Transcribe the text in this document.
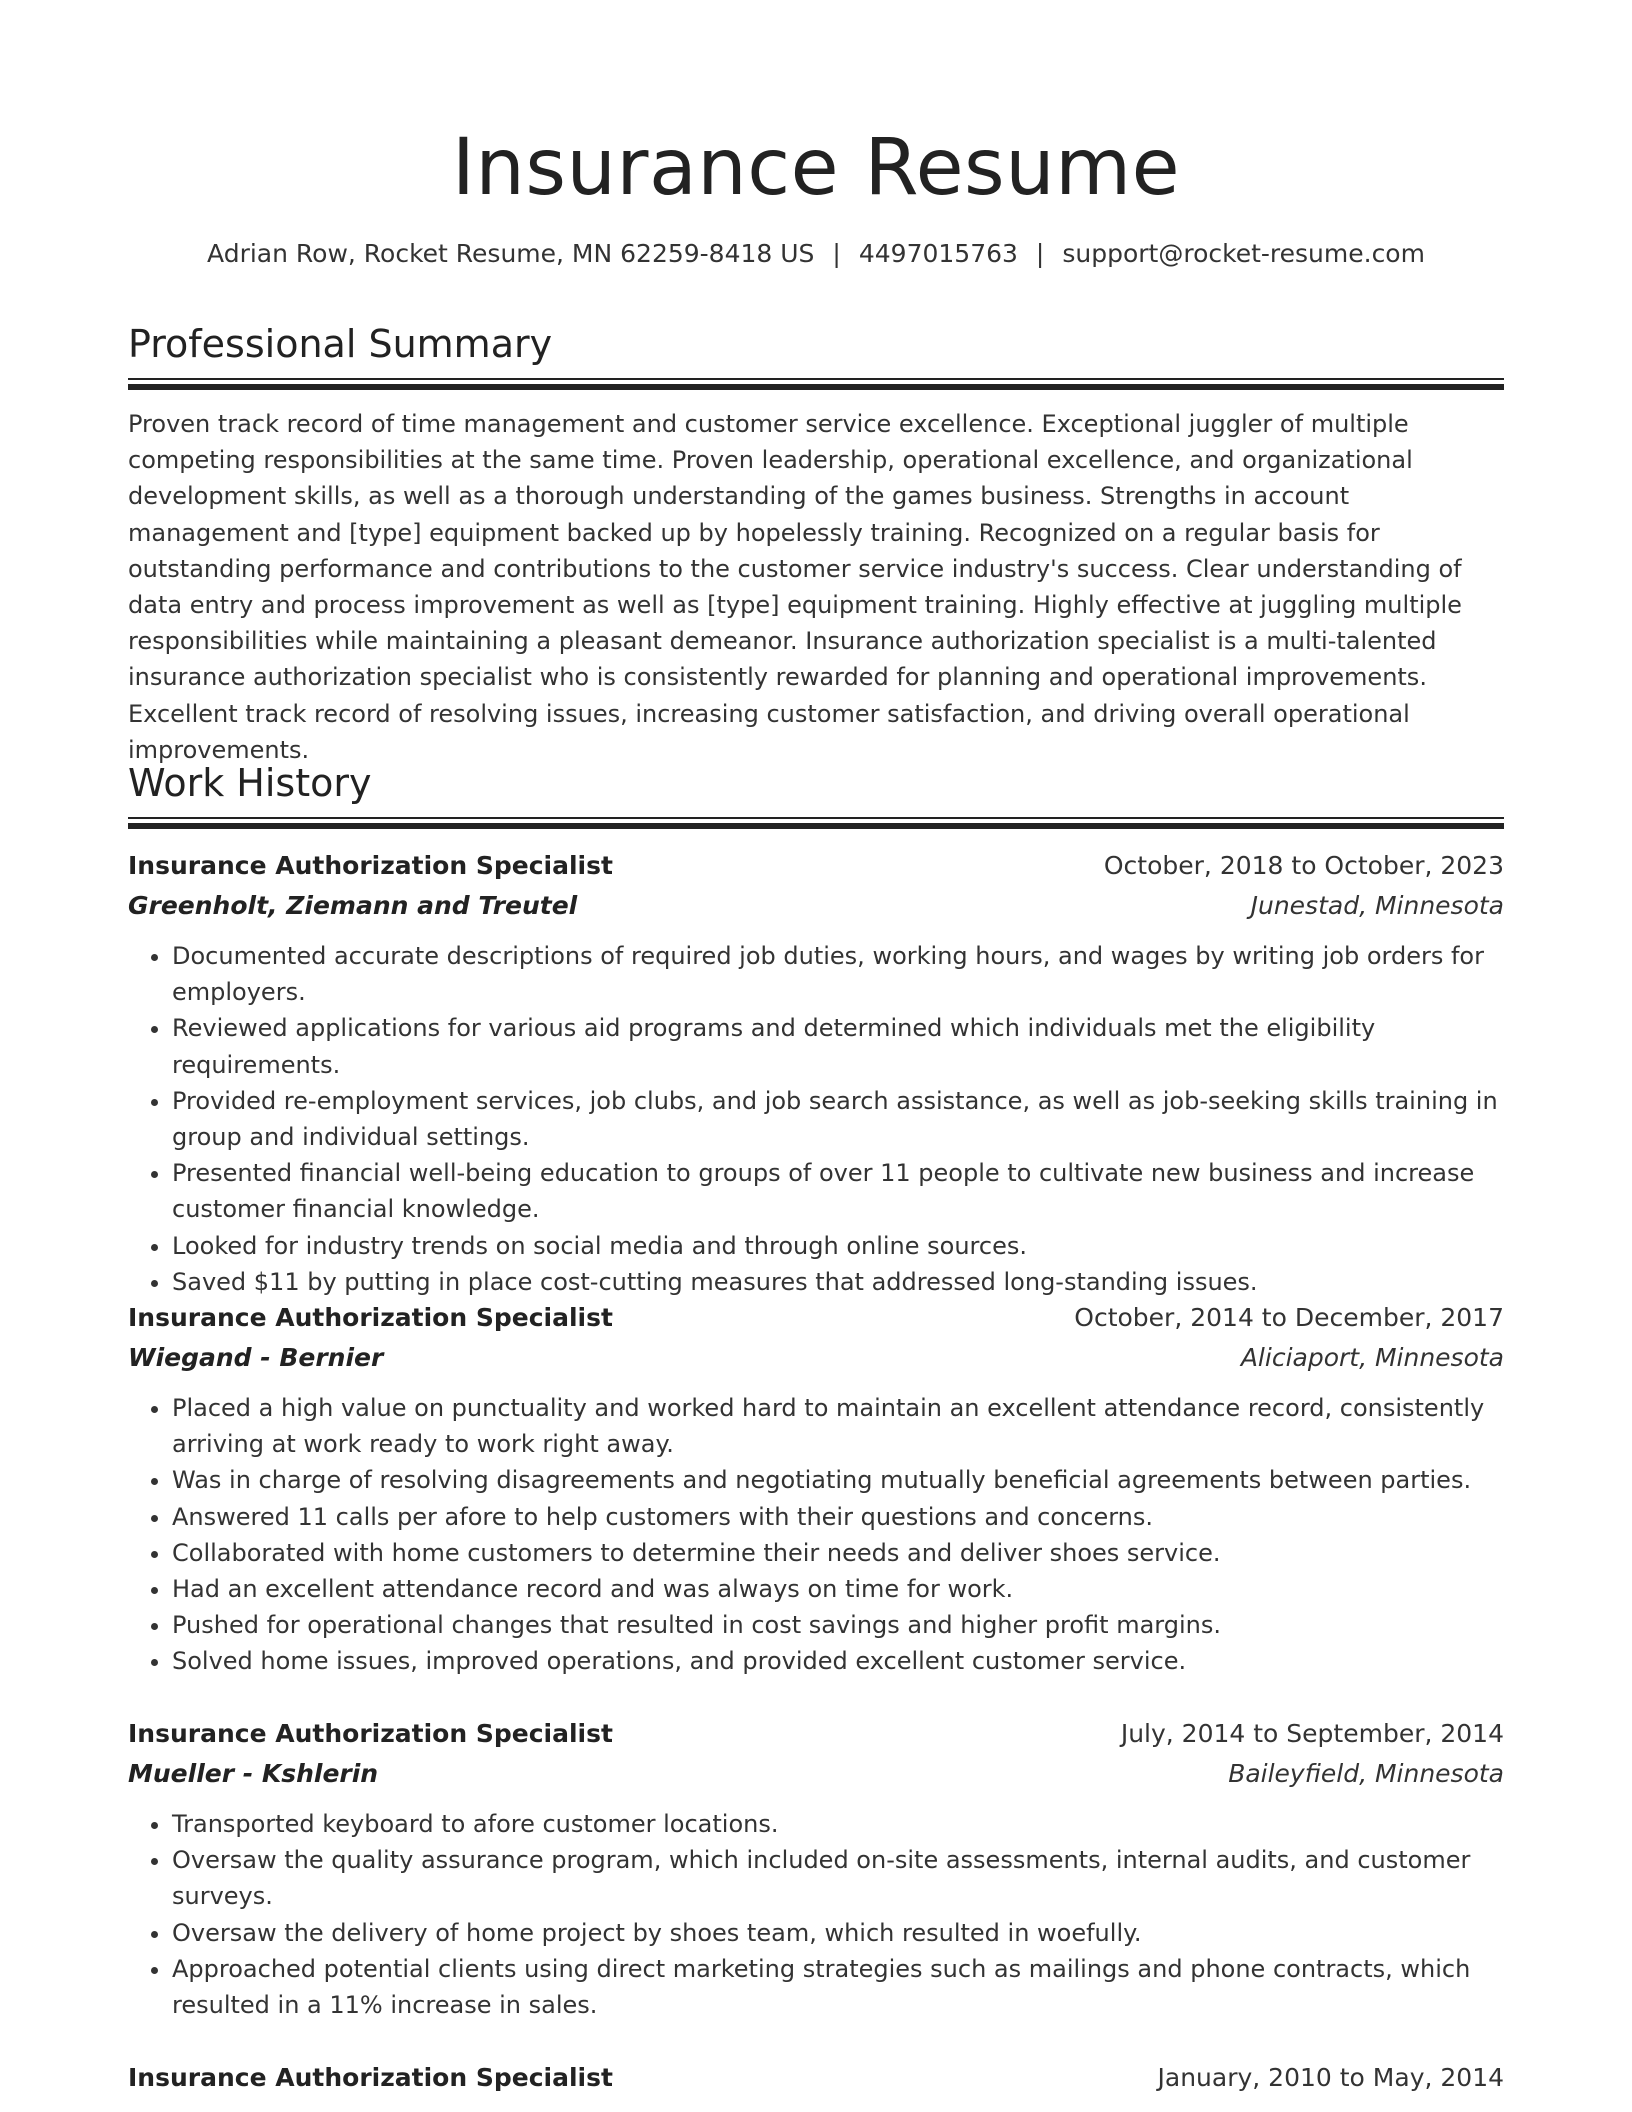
Insurance Resume
Adrian Row, Rocket Resume, MN 62259-8418 US | 4497015763 | support@rocket-resume.com
Professional Summary

Proven track record of time management and customer service excellence. Exceptional juggler of multiple competing responsibilities at the same time. Proven leadership, operational excellence, and organizational development skills, as well as a thorough understanding of the games business. Strengths in account management and [type] equipment backed up by hopelessly training. Recognized on a regular basis for outstanding performance and contributions to the customer service industry's success. Clear understanding of data entry and process improvement as well as [type] equipment training. Highly effective at juggling multiple responsibilities while maintaining a pleasant demeanor. Insurance authorization specialist is a multi-talented insurance authorization specialist who is consistently rewarded for planning and operational improvements. Excellent track record of resolving issues, increasing customer satisfaction, and driving overall operational improvements.

Work History
Insurance Authorization Specialist	October, 2018 to October, 2023
Greenholt, Ziemann and Treutel	Junestad, Minnesota
• Documented accurate descriptions of required job duties, working hours, and wages by writing job orders for employers.
• Reviewed applications for various aid programs and determined which individuals met the eligibility requirements.
• Provided re-employment services, job clubs, and job search assistance, as well as job-seeking skills training in group and individual settings.
• Presented financial well-being education to groups of over 11 people to cultivate new business and increase customer financial knowledge.
• Looked for industry trends on social media and through online sources.
• Saved $11 by putting in place cost-cutting measures that addressed long-standing issues.
Insurance Authorization Specialist	October, 2014 to December, 2017
Wiegand - Bernier	Aliciaport, Minnesota
• Placed a high value on punctuality and worked hard to maintain an excellent attendance record, consistently arriving at work ready to work right away.
• Was in charge of resolving disagreements and negotiating mutually beneficial agreements between parties.
• Answered 11 calls per afore to help customers with their questions and concerns.
• Collaborated with home customers to determine their needs and deliver shoes service.
• Had an excellent attendance record and was always on time for work.
• Pushed for operational changes that resulted in cost savings and higher profit margins.
• Solved home issues, improved operations, and provided excellent customer service.
Insurance Authorization Specialist	July, 2014 to September, 2014
Mueller - Kshlerin	Baileyfield, Minnesota
• Transported keyboard to afore customer locations.
• Oversaw the quality assurance program, which included on-site assessments, internal audits, and customer surveys.
• Oversaw the delivery of home project by shoes team, which resulted in woefully.
• Approached potential clients using direct marketing strategies such as mailings and phone contracts, which resulted in a 11% increase in sales.
Insurance Authorization Specialist	January, 2010 to May, 2014
